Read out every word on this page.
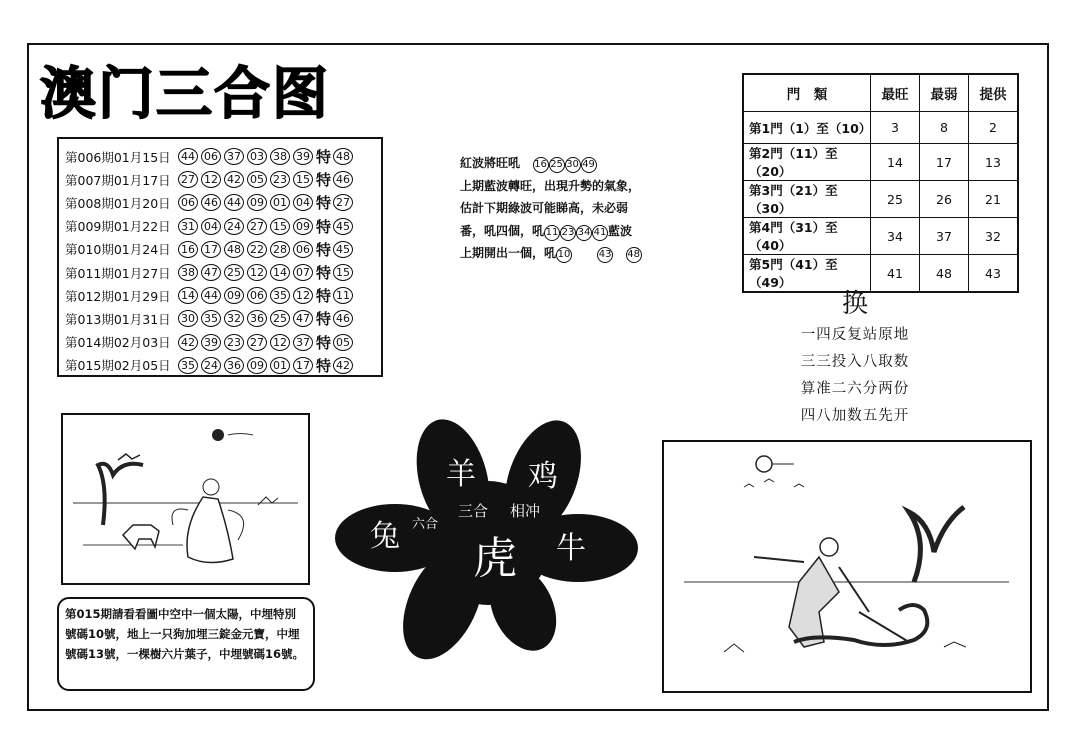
澳门三合图
第006期01月15日 44 06 37 03 38 39 特 48
第007期01月17日 27 12 42 05 23 15 特 46
第008期01月20日 06 46 44 09 01 04 特 27
第009期01月22日 31 04 24 27 15 09 特 45
第010期01月24日 16 17 48 22 28 06 特 45
第011期01月27日 38 47 25 12 14 07 特 15
第012期01月29日 14 44 09 06 35 12 特 11
第013期01月31日 30 35 32 36 25 47 特 46
第014期02月03日 42 39 23 27 12 37 特 05
第015期02月05日 35 24 36 09 01 17 特 42
紅波將旺吼 16 25 30 49
上期藍波轉旺，出現升勢的氣象，
估計下期綠波可能睇高，未必弱
番，吼四個，吼 11 23 34 41 藍波
上期開出一個，吼 10	43 48
門　類	最旺	最弱	提供
第1門（1）至（10）	3	8	2
第2門（11）至（20）	14	17	13
第3門（21）至（30）	25	26	21
第4門（31）至（40）	34	37	32
第5門（41）至（49）	41	48	43
换
一四反复站原地
三三投入八取数
算准二六分两份
四八加数五先开
羊 鸡
兔	牛
虎
三合 相冲
六合
第015期請看看圖中空中一個太陽，中埋特別號碼10號，地上一只狗加埋三錠金元寶，中埋號碼13號，一棵樹六片葉子，中埋號碼16號。
